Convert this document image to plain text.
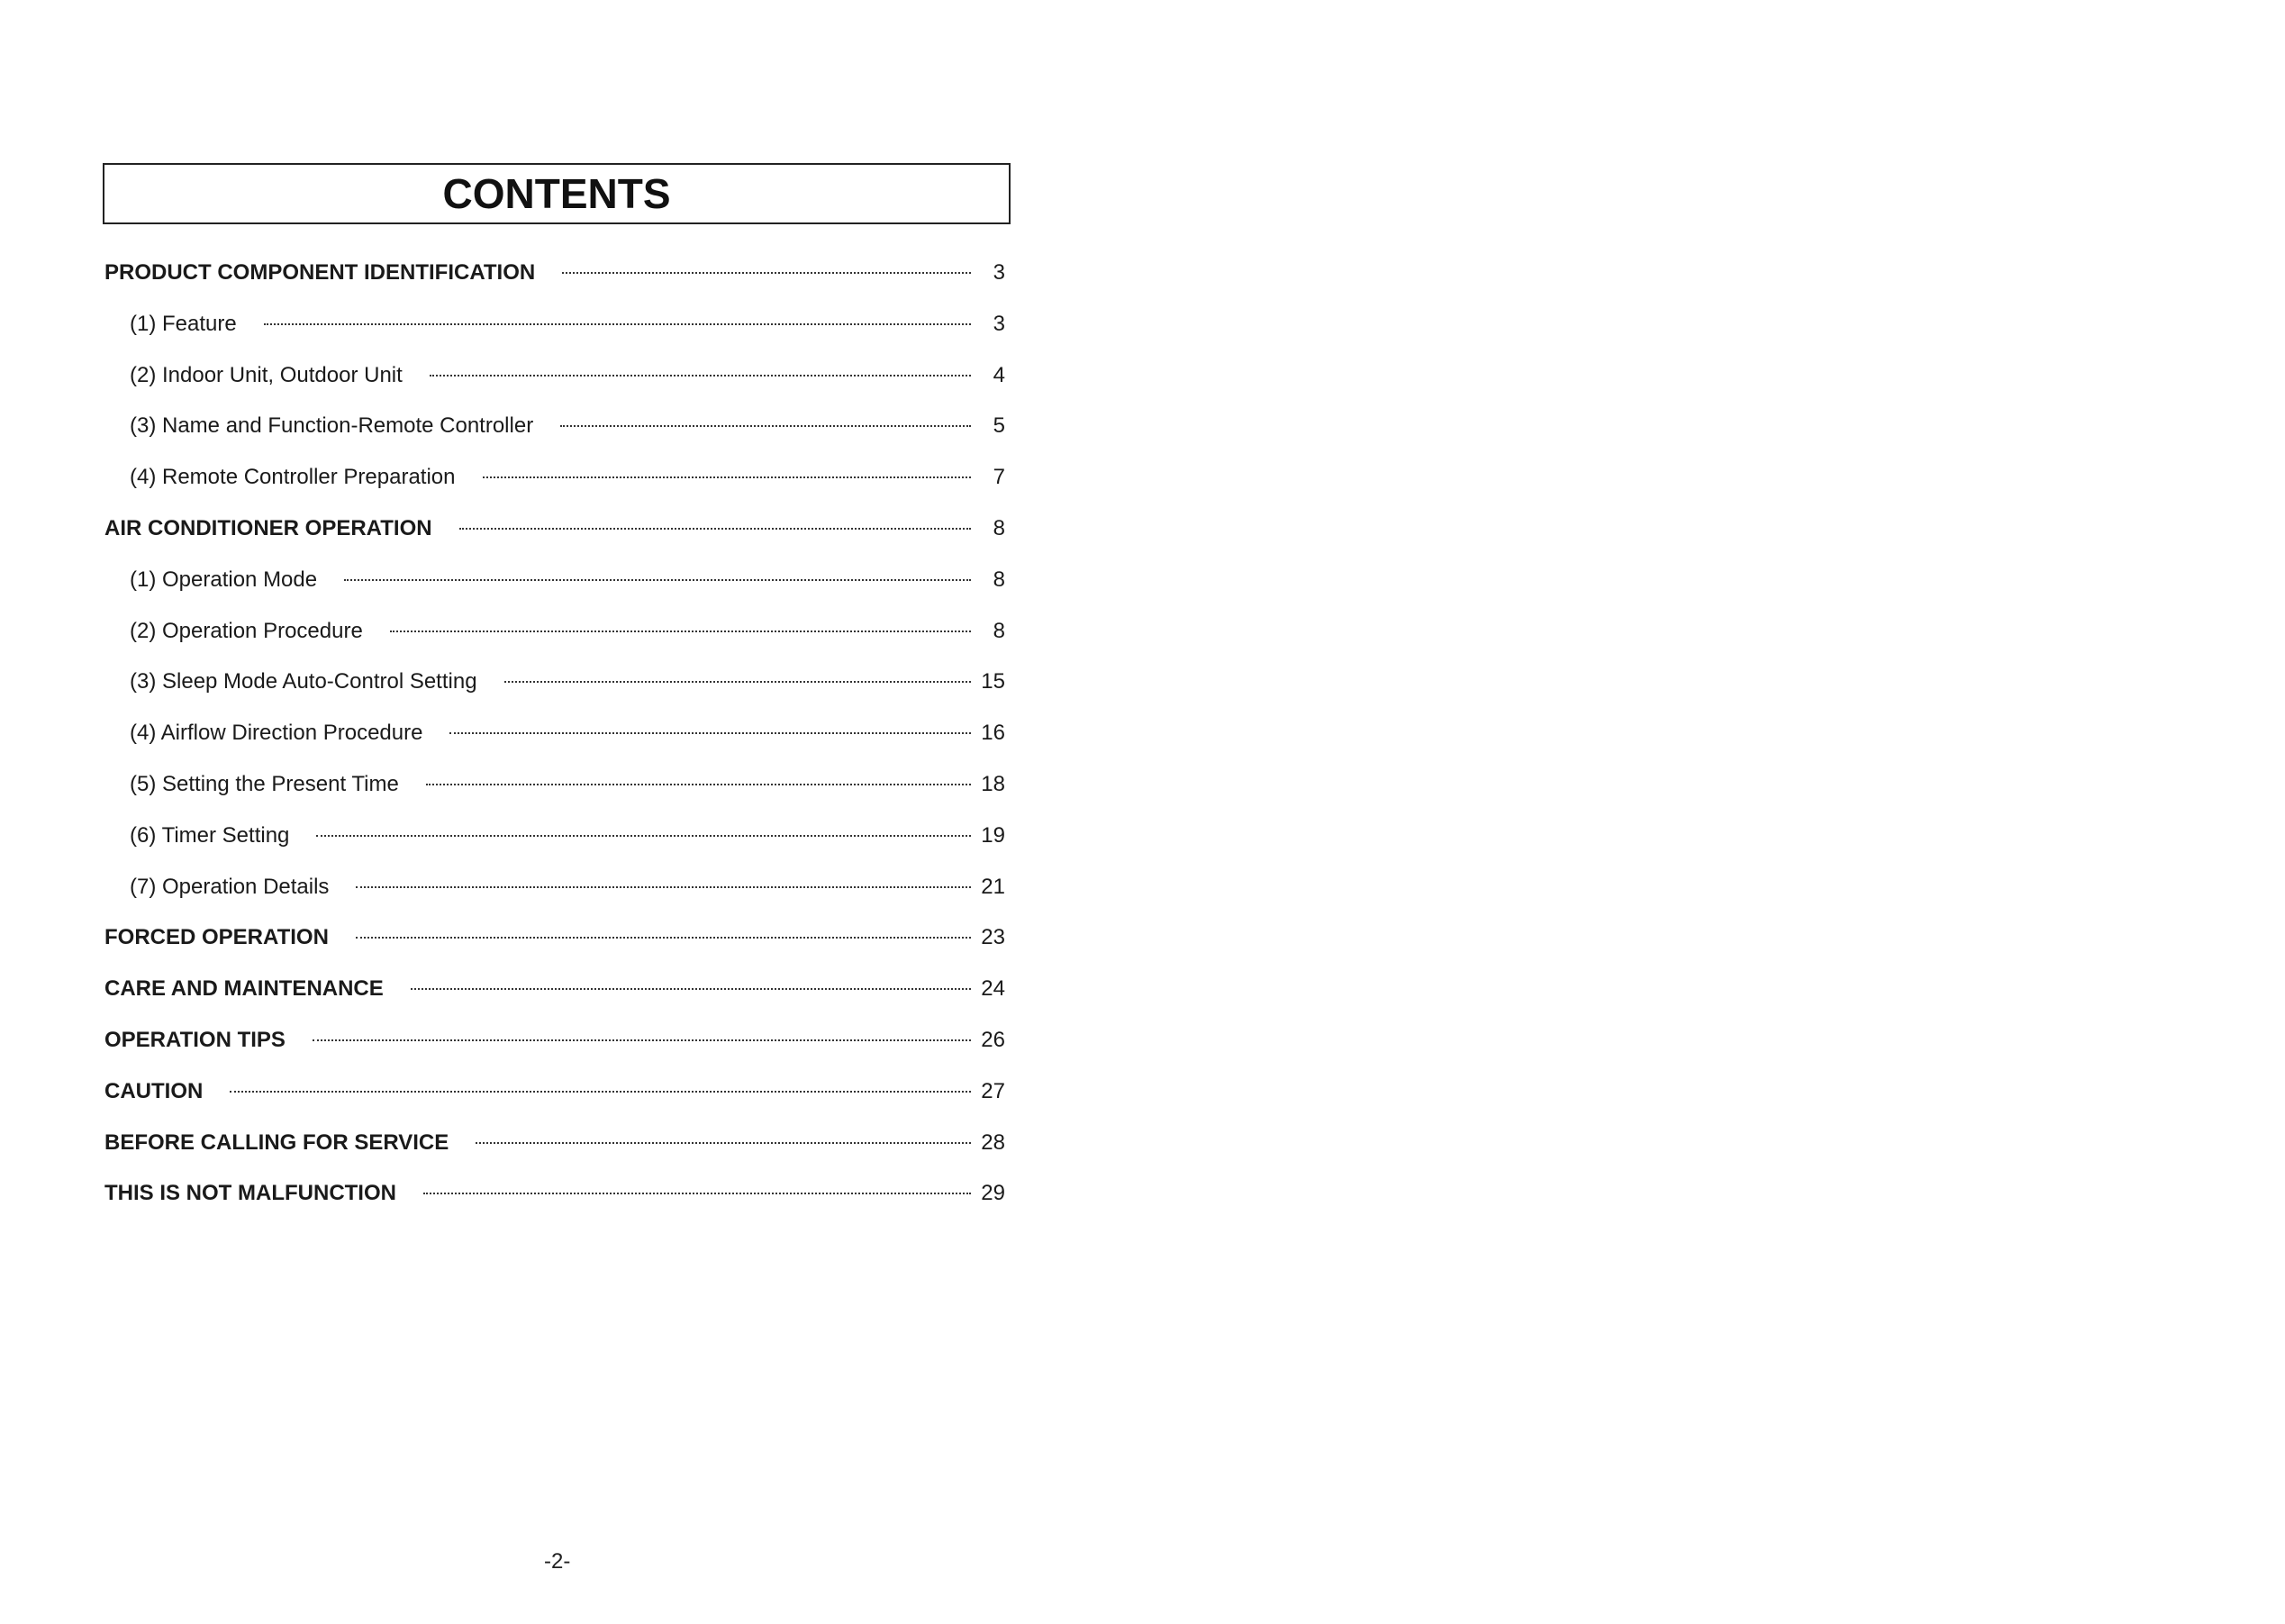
CONTENTS
PRODUCT COMPONENT IDENTIFICATION	3
(1) Feature	3
(2) Indoor Unit, Outdoor Unit	4
(3) Name and Function-Remote Controller	5
(4) Remote Controller Preparation	7
AIR CONDITIONER OPERATION	8
(1) Operation Mode	8
(2) Operation Procedure	8
(3) Sleep Mode Auto-Control Setting	15
(4) Airflow Direction Procedure	16
(5) Setting the Present Time	18
(6) Timer Setting	19
(7) Operation Details	21
FORCED OPERATION	23
CARE AND MAINTENANCE	24
OPERATION TIPS	26
CAUTION	27
BEFORE CALLING FOR SERVICE	28
THIS IS NOT MALFUNCTION	29
-2-
